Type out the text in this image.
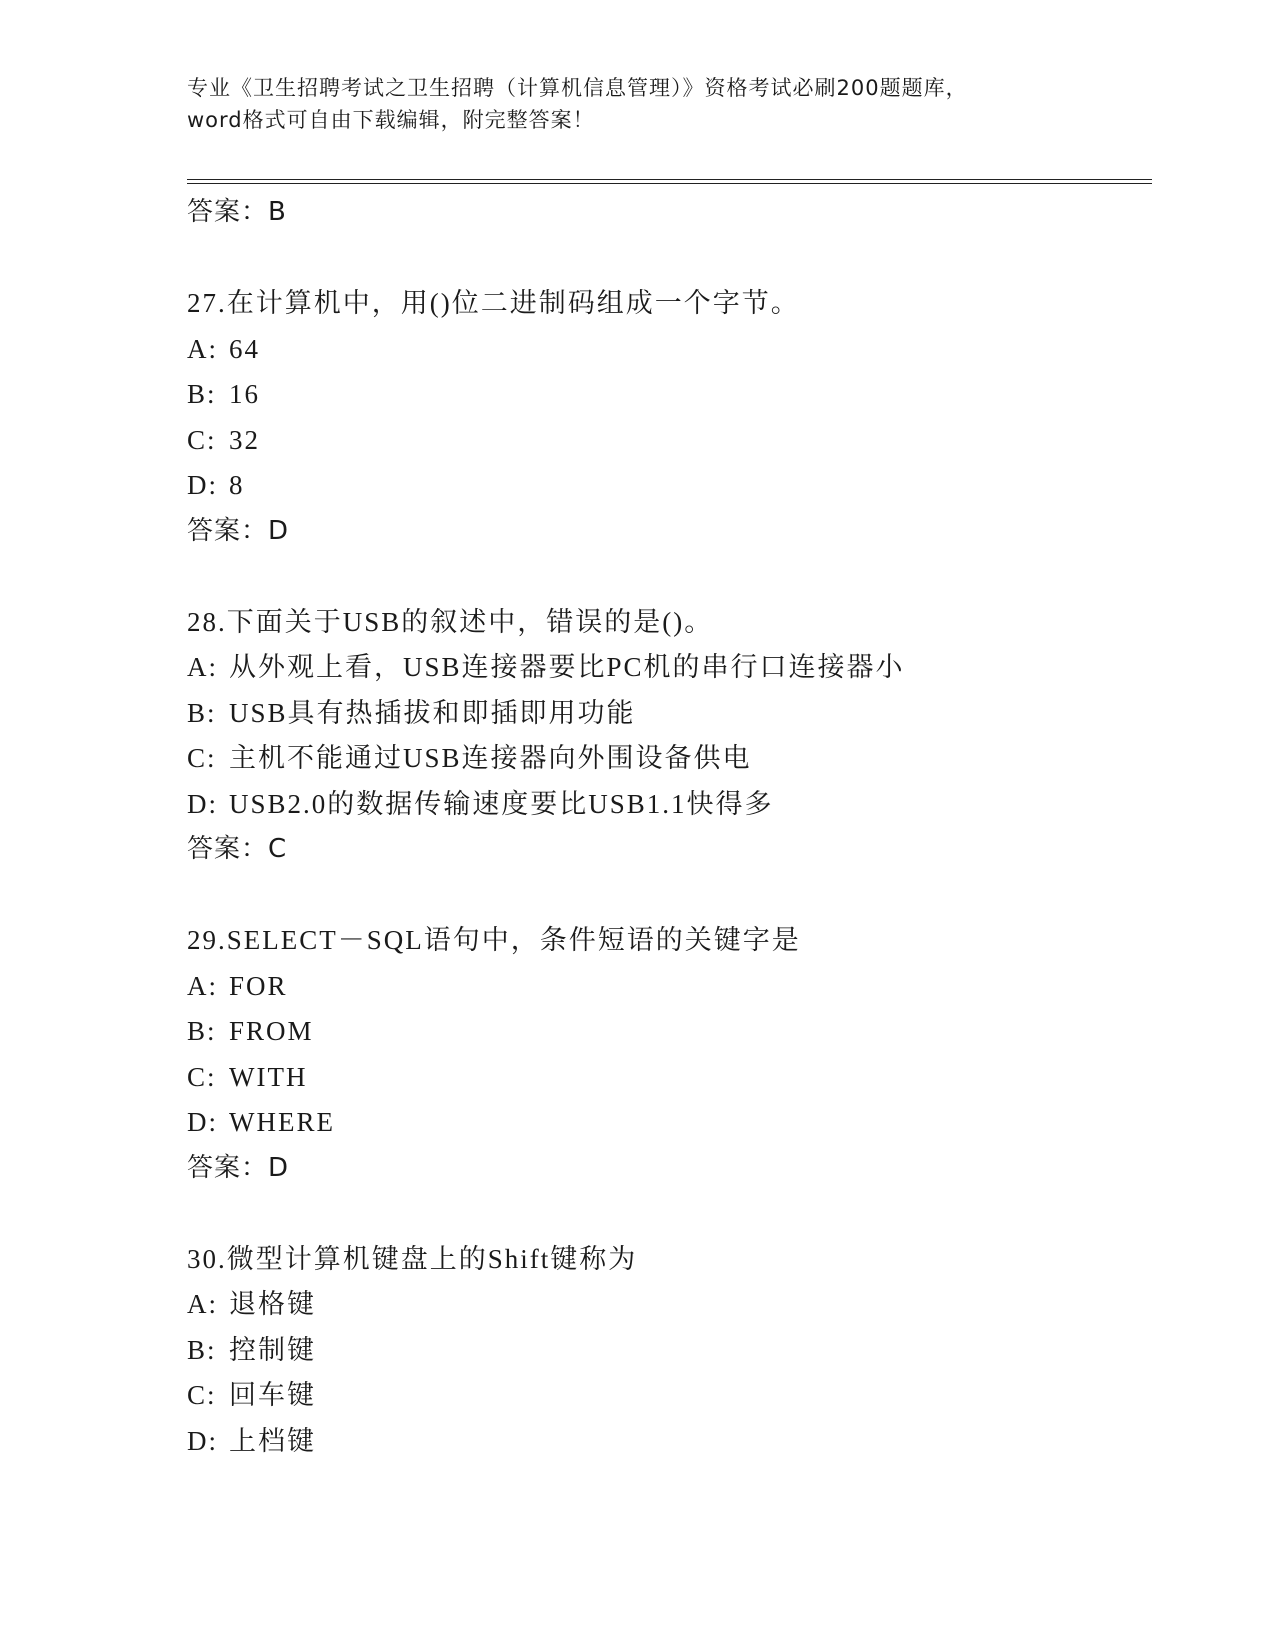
专业《卫生招聘考试之卫生招聘（计算机信息管理）》资格考试必刷200题题库，
word格式可自由下载编辑，附完整答案！
答案：B
27.在计算机中，用()位二进制码组成一个字节。
A: 64
B: 16
C: 32
D: 8
答案：D
28.下面关于USB的叙述中，错误的是()。
A: 从外观上看，USB连接器要比PC机的串行口连接器小
B: USB具有热插拔和即插即用功能
C: 主机不能通过USB连接器向外围设备供电
D: USB2.0的数据传输速度要比USB1.1快得多
答案：C
29.SELECT－SQL语句中，条件短语的关键字是
A: FOR
B: FROM
C: WITH
D: WHERE
答案：D
30.微型计算机键盘上的Shift键称为
A: 退格键
B: 控制键
C: 回车键
D: 上档键
